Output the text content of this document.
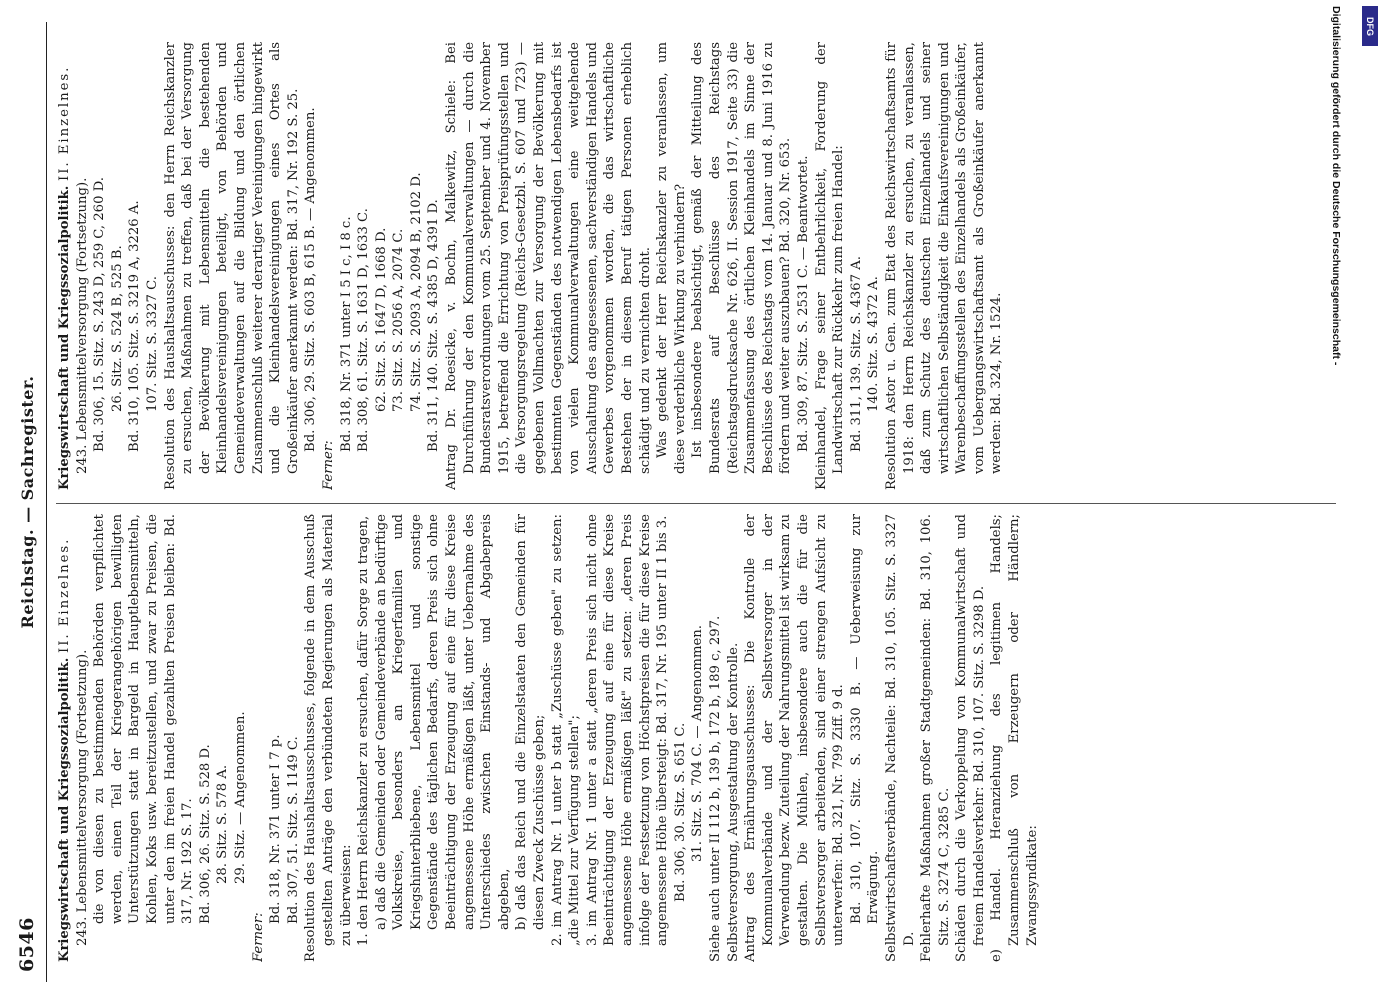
6546
Reichstag. — Sachregister.

Kriegswirtschaft und Kriegssozialpolitik. II. Einzelnes.

243. Lebensmittelversorgung (Fortsetzung). die von diesen zu bestimmenden Behörden verpflichtet werden, einen Teil der Kriegerangehörigen bewilligten Unterstützungen statt in Bargeld in Hauptlebensmitteln, Kohlen, Koks usw. bereitzustellen, und zwar zu Preisen, die unter den im freien Handel gezahlten Preisen bleiben: Bd. 317, Nr. 192 S. 17. Bd. 306, 26. Sitz. S. 528 D. 28. Sitz. S. 578 A. 29. Sitz. — Angenommen.

Ferner:

Bd. 318, Nr. 371 unter I 7 p. Bd. 307, 51. Sitz. S. 1149 C. Resolution des Haushaltsausschusses, folgende in dem Ausschuß gestellten Anträge den verbündeten Regierungen als Material zu überweisen: 1. den Herrn Reichskanzler zu ersuchen, dafür Sorge zu tragen, a) daß die Gemeinden oder Gemeindeverbände an bedürftige Volkskreise, besonders an Kriegerfamilien und Kriegshinterbliebene, Lebensmittel und sonstige Gegenstände des täglichen Bedarfs, deren Preis sich ohne Beeinträchtigung der Erzeugung auf eine für diese Kreise angemessene Höhe ermäßigen läßt, unter Uebernahme des Unterschiedes zwischen Einstands- und Abgabepreis abgeben, b) daß das Reich und die Einzelstaaten den Gemeinden für diesen Zweck Zuschüsse geben; 2. im Antrag Nr. 1 unter b statt „Zuschüsse geben" zu setzen: „die Mittel zur Verfügung stellen"; 3. im Antrag Nr. 1 unter a statt „deren Preis sich nicht ohne Beeinträchtigung der Erzeugung auf eine für diese Kreise angemessene Höhe ermäßigen läßt" zu setzen: „deren Preis infolge der Festsetzung von Höchstpreisen die für diese Kreise angemessene Höhe übersteigt: Bd. 317, Nr. 195 unter II 1 bis 3. Bd. 306, 30. Sitz. S. 651 C. 31. Sitz. S. 704 C. — Angenommen. Siehe auch unter II 112 b, 139 b, 172 b, 189 c, 297. Selbstversorgung, Ausgestaltung der Kontrolle. Antrag des Ernährungsausschusses: Die Kontrolle der Kommunalverbände und der Selbstversorger in der Verwendung bezw. Zuteilung der Nahrungsmittel ist wirksam zu gestalten. Die Mühlen, insbesondere auch die für die Selbstversorger arbeitenden, sind einer strengen Aufsicht zu unterwerfen: Bd. 321, Nr. 799 Ziff. 9 d. Bd. 310, 107. Sitz. S. 3330 B. — Ueberweisung zur Erwägung. Selbstwirtschaftsverbände, Nachteile: Bd. 310, 105. Sitz. S. 3327 D. Fehlerhafte Maßnahmen großer Stadtgemeinden: Bd. 310, 106. Sitz. S. 3274 C, 3285 C. Schäden durch die Verkoppelung von Kommunalwirtschaft und freiem Handelsverkehr: Bd. 310, 107. Sitz. S. 3298 D. e) Handel. Heranziehung des legitimen Handels; Zusammenschluß von Erzeugern oder Händlern; Zwangssyndikate:

Kriegswirtschaft und Kriegssozialpolitik. II. Einzelnes.

243. Lebensmittelversorgung (Fortsetzung). Bd. 306, 15. Sitz. S. 243 D, 259 C, 260 D. 26. Sitz. S. 524 B, 525 B. Bd. 310, 105. Sitz. S. 3219 A, 3226 A. 107. Sitz. S. 3327 C. Resolution des Haushaltsausschusses: den Herrn Reichskanzler zu ersuchen, Maßnahmen zu treffen, daß bei der Versorgung der Bevölkerung mit Lebensmitteln die bestehenden Kleinhandelsvereinigungen beteiligt, von Behörden und Gemeindeverwaltungen auf die Bildung und den örtlichen Zusammenschluß weiterer derartiger Vereinigungen hingewirkt und die Kleinhandelsvereinigungen eines Ortes als Großeinkäufer anerkannt werden: Bd. 317, Nr. 192 S. 25. Bd. 306, 29. Sitz. S. 603 B, 615 B. — Angenommen.

Ferner:

Bd. 318, Nr. 371 unter I 5 I c, I 8 c. Bd. 308, 61. Sitz. S. 1631 D, 1633 C. 62. Sitz. S. 1647 D, 1668 D. 73. Sitz. S. 2056 A, 2074 C. 74. Sitz. S. 2093 A, 2094 B, 2102 D. Bd. 311, 140. Sitz. S. 4385 D, 4391 D. Antrag Dr. Roesicke, v. Bochn, Malkewitz, Schiele: Bei Durchführung der den Kommunalverwaltungen — durch die Bundesratsverordnungen vom 25. September und 4. November 1915, betreffend die Errichtung von Preisprüfungsstellen und die Versorgungsregelung (Reichs-Gesetzbl. S. 607 und 723) — gegebenen Vollmachten zur Versorgung der Bevölkerung mit bestimmten Gegenständen des notwendigen Lebensbedarfs ist von vielen Kommunalverwaltungen eine weitgehende Ausschaltung des angesessenen, sachverständigen Handels und Gewerbes vorgenommen worden, die das wirtschaftliche Bestehen der in diesem Beruf tätigen Personen erheblich schädigt und zu vernichten droht. Was gedenkt der Herr Reichskanzler zu veranlassen, um diese verderbliche Wirkung zu verhindern? Ist insbesondere beabsichtigt, gemäß der Mitteilung des Bundesrats auf Beschlüsse des Reichstags (Reichstagsdrucksache Nr. 626, II. Session 1917, Seite 33) die Zusammenfassung des örtlichen Kleinhandels im Sinne der Beschlüsse des Reichstags vom 14. Januar und 8. Juni 1916 zu fördern und weiter auszubauen? Bd. 320, Nr. 653. Bd. 309, 87. Sitz. S. 2531 C. — Beantwortet. Kleinhandel, Frage seiner Entbehrlichkeit, Forderung der Landwirtschaft zur Rückkehr zum freien Handel: Bd. 311, 139. Sitz. S. 4367 A. 140. Sitz. S. 4372 A. Resolution Astor u. Gen. zum Etat des Reichswirtschaftsamts für 1918: den Herrn Reichskanzler zu ersuchen, zu veranlassen, daß zum Schutz des deutschen Einzelhandels und seiner wirtschaftlichen Selbständigkeit die Einkaufsvereinigungen und Warenbeschaffungsstellen des Einzelhandels als Großeinkäufer, vom Uebergangswirtschaftsamt als Großeinkäufer anerkannt werden: Bd. 324, Nr. 1524.

Digitalisierung gefördert durch die Deutsche Forschungsgemeinschaft -	DFG
